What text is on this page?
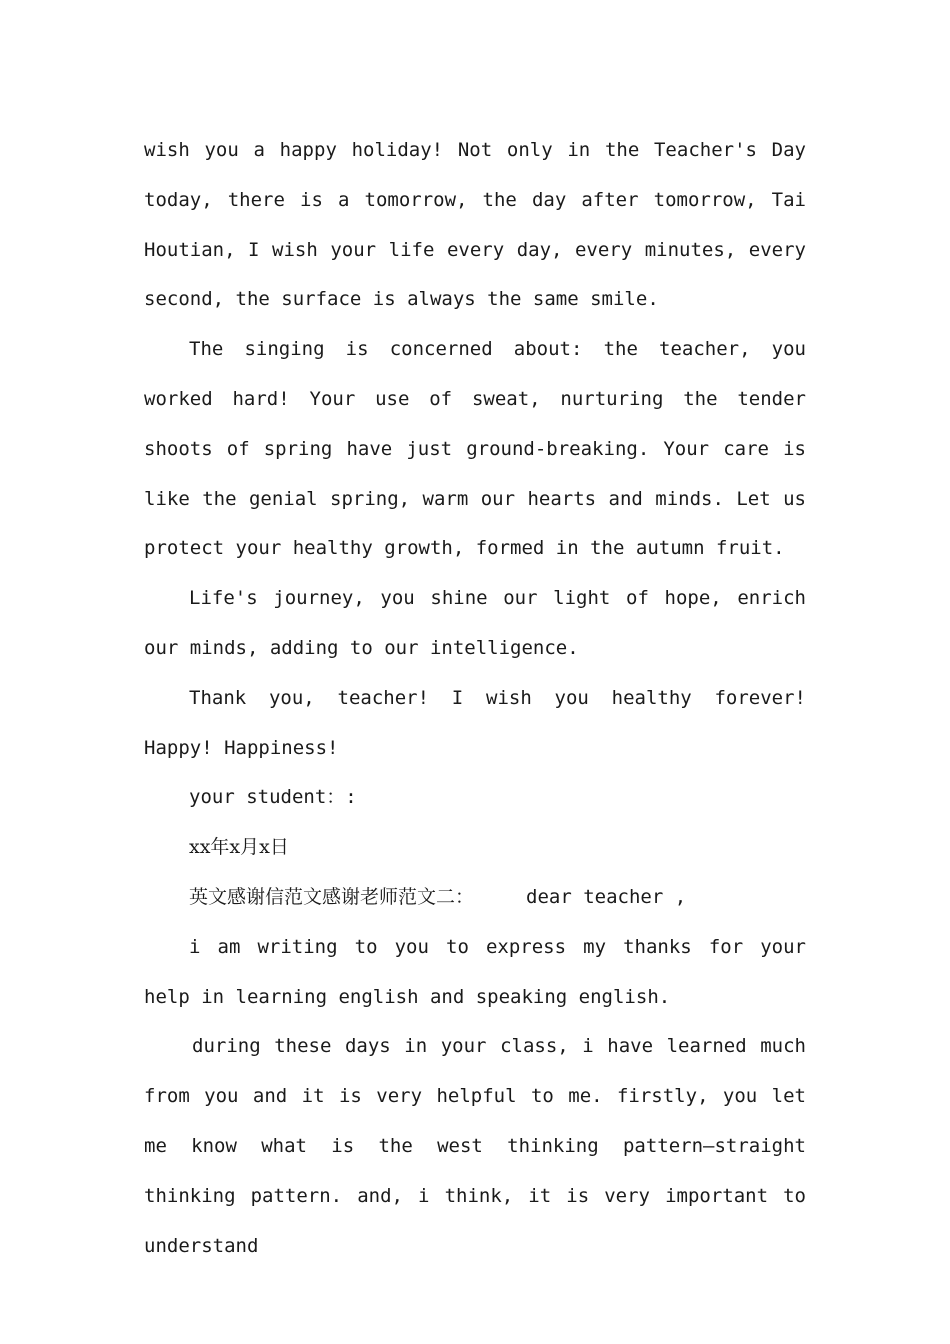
wish you a happy holiday! Not only in the Teacher's Day today, there is a tomorrow, the day after tomorrow, Tai Houtian, I wish your life every day, every minutes, every second, the surface is always the same smile.

The singing is concerned about: the teacher, you worked hard! Your use of sweat, nurturing the tender shoots of spring have just ground-breaking. Your care is like the genial spring, warm our hearts and minds. Let us protect your healthy growth, formed in the autumn fruit.

Life's journey, you shine our light of hope, enrich our minds, adding to our intelligence.

Thank you, teacher! I wish you healthy forever! Happy! Happiness!

your student：:

xx年x月x日

英文感谢信范文感谢老师范文二：	dear teacher ,

i am writing to you to express my thanks for your help in learning english and speaking english.

during these days in your class, i have learned much from you and it is very helpful to me. firstly, you let me know what is the west thinking pattern—straight thinking pattern. and, i think, it is very important to understand
